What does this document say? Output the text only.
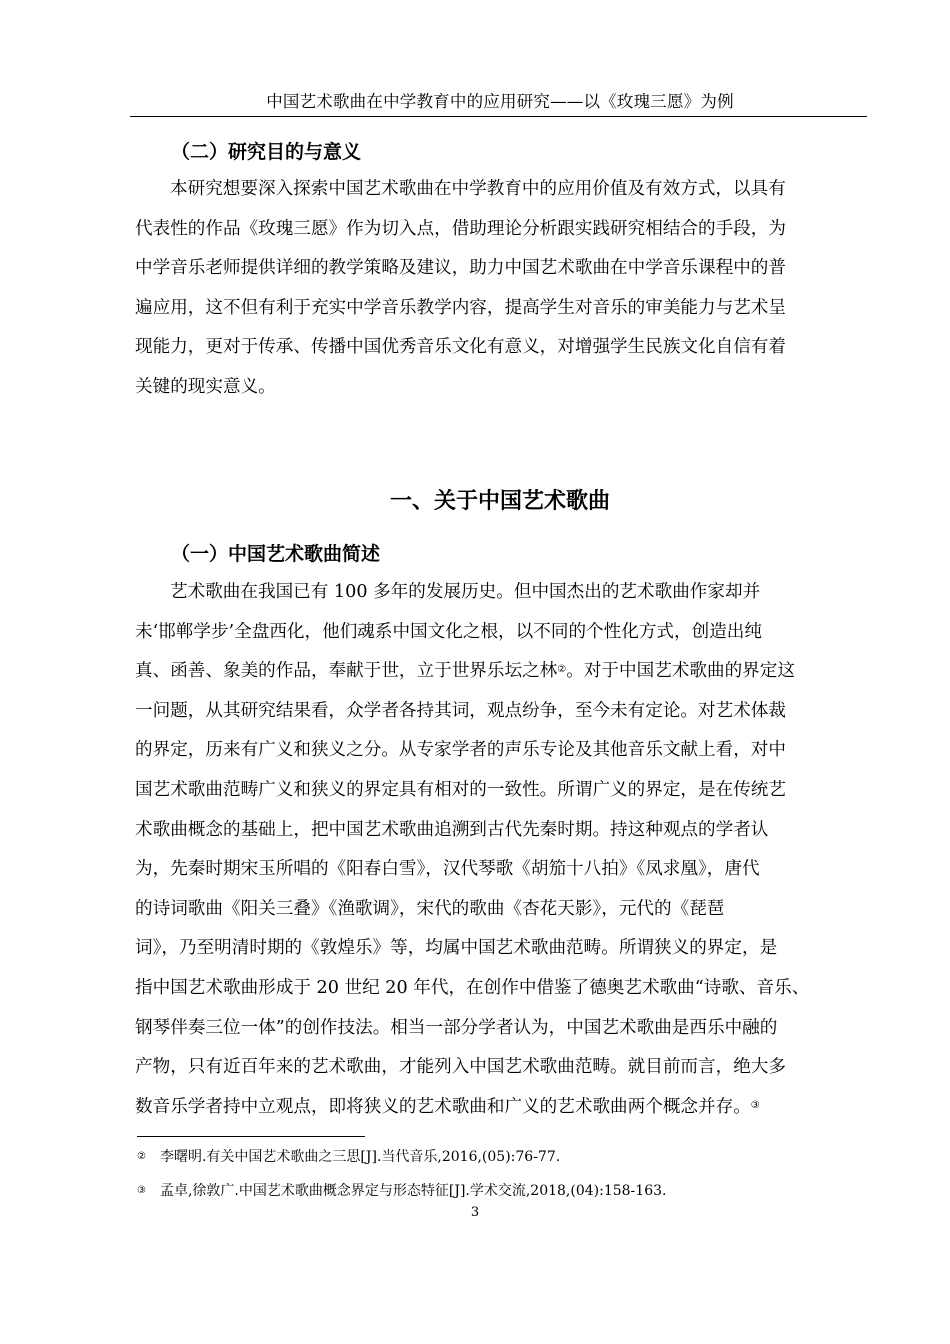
中国艺术歌曲在中学教育中的应用研究——以《玫瑰三愿》为例
（二）研究目的与意义
本研究想要深入探索中国艺术歌曲在中学教育中的应用价值及有效方式，以具有
代表性的作品《玫瑰三愿》作为切入点，借助理论分析跟实践研究相结合的手段，为
中学音乐老师提供详细的教学策略及建议，助力中国艺术歌曲在中学音乐课程中的普
遍应用，这不但有利于充实中学音乐教学内容，提高学生对音乐的审美能力与艺术呈
现能力，更对于传承、传播中国优秀音乐文化有意义，对增强学生民族文化自信有着
关键的现实意义。
一、关于中国艺术歌曲
（一）中国艺术歌曲简述
艺术歌曲在我国已有 100 多年的发展历史。但中国杰出的艺术歌曲作家却并
未‘邯郸学步’全盘西化，他们魂系中国文化之根，以不同的个性化方式，创造出纯
真、函善、象美的作品，奉献于世，立于世界乐坛之林②。对于中国艺术歌曲的界定这
一问题，从其研究结果看，众学者各持其词，观点纷争，至今未有定论。对艺术体裁
的界定，历来有广义和狭义之分。从专家学者的声乐专论及其他音乐文献上看，对中
国艺术歌曲范畴广义和狭义的界定具有相对的一致性。所谓广义的界定，是在传统艺
术歌曲概念的基础上，把中国艺术歌曲追溯到古代先秦时期。持这种观点的学者认
为，先秦时期宋玉所唱的《阳春白雪》，汉代琴歌《胡笳十八拍》《凤求凰》，唐代
的诗词歌曲《阳关三叠》《渔歌调》，宋代的歌曲《杏花天影》，元代的《琵琶
词》，乃至明清时期的《敦煌乐》等，均属中国艺术歌曲范畴。所谓狭义的界定，是
指中国艺术歌曲形成于 20 世纪 20 年代，在创作中借鉴了德奥艺术歌曲“诗歌、音乐、
钢琴伴奏三位一体”的创作技法。相当一部分学者认为，中国艺术歌曲是西乐中融的
产物，只有近百年来的艺术歌曲，才能列入中国艺术歌曲范畴。就目前而言，绝大多
数音乐学者持中立观点，即将狭义的艺术歌曲和广义的艺术歌曲两个概念并存。③
② 李曙明.有关中国艺术歌曲之三思[J].当代音乐,2016,(05):76-77.
③ 孟卓,徐敦广.中国艺术歌曲概念界定与形态特征[J].学术交流,2018,(04):158-163.
3
